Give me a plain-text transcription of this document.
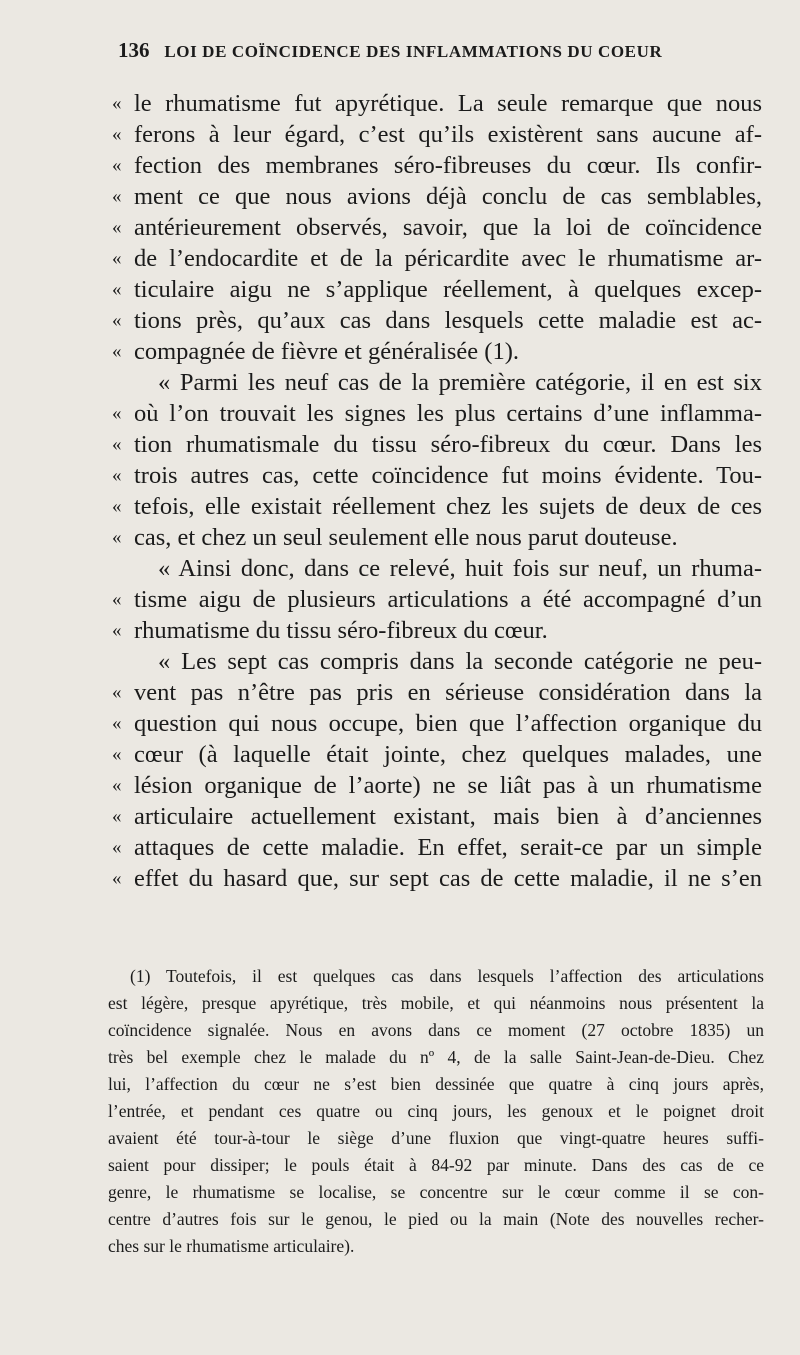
136 LOI DE COÏNCIDENCE DES INFLAMMATIONS DU COEUR
« le rhumatisme fut apyrétique. La seule remarque que nous
« ferons à leur égard, c’est qu’ils existèrent sans aucune af-
« fection des membranes séro-fibreuses du cœur. Ils confir-
« ment ce que nous avions déjà conclu de cas semblables,
« antérieurement observés, savoir, que la loi de coïncidence
« de l’endocardite et de la péricardite avec le rhumatisme ar-
« ticulaire aigu ne s’applique réellement, à quelques excep-
« tions près, qu’aux cas dans lesquels cette maladie est ac-
« compagnée de fièvre et généralisée (1).
« Parmi les neuf cas de la première catégorie, il en est six
« où l’on trouvait les signes les plus certains d’une inflamma-
« tion rhumatismale du tissu séro-fibreux du cœur. Dans les
« trois autres cas, cette coïncidence fut moins évidente. Tou-
« tefois, elle existait réellement chez les sujets de deux de ces
« cas, et chez un seul seulement elle nous parut douteuse.
« Ainsi donc, dans ce relevé, huit fois sur neuf, un rhuma-
« tisme aigu de plusieurs articulations a été accompagné d’un
« rhumatisme du tissu séro-fibreux du cœur.
« Les sept cas compris dans la seconde catégorie ne peu-
« vent pas n’être pas pris en sérieuse considération dans la
« question qui nous occupe, bien que l’affection organique du
« cœur (à laquelle était jointe, chez quelques malades, une
« lésion organique de l’aorte) ne se liât pas à un rhumatisme
« articulaire actuellement existant, mais bien à d’anciennes
« attaques de cette maladie. En effet, serait-ce par un simple
« effet du hasard que, sur sept cas de cette maladie, il ne s’en
(1) Toutefois, il est quelques cas dans lesquels l’affection des articulations
est légère, presque apyrétique, très mobile, et qui néanmoins nous présentent la
coïncidence signalée. Nous en avons dans ce moment (27 octobre 1835) un
très bel exemple chez le malade du nº 4, de la salle Saint-Jean-de-Dieu. Chez
lui, l’affection du cœur ne s’est bien dessinée que quatre à cinq jours après,
l’entrée, et pendant ces quatre ou cinq jours, les genoux et le poignet droit
avaient été tour-à-tour le siège d’une fluxion que vingt-quatre heures suffi-
saient pour dissiper; le pouls était à 84-92 par minute. Dans des cas de ce
genre, le rhumatisme se localise, se concentre sur le cœur comme il se con-
centre d’autres fois sur le genou, le pied ou la main (Note des nouvelles recher-
ches sur le rhumatisme articulaire).
